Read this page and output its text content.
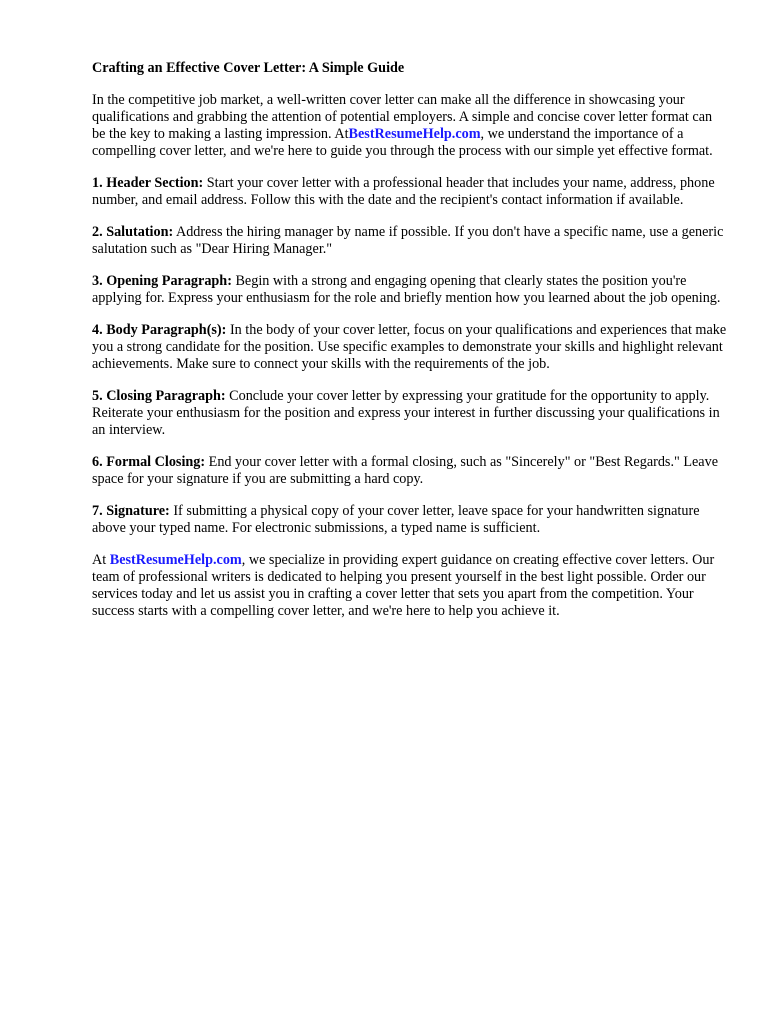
Crafting an Effective Cover Letter: A Simple Guide

In the competitive job market, a well-written cover letter can make all the difference in showcasing your qualifications and grabbing the attention of potential employers. A simple and concise cover letter format can be the key to making a lasting impression. AtBestResumeHelp.com, we understand the importance of a compelling cover letter, and we're here to guide you through the process with our simple yet effective format.

1. Header Section: Start your cover letter with a professional header that includes your name, address, phone number, and email address. Follow this with the date and the recipient's contact information if available.

2. Salutation: Address the hiring manager by name if possible. If you don't have a specific name, use a generic salutation such as "Dear Hiring Manager."

3. Opening Paragraph: Begin with a strong and engaging opening that clearly states the position you're applying for. Express your enthusiasm for the role and briefly mention how you learned about the job opening.

4. Body Paragraph(s): In the body of your cover letter, focus on your qualifications and experiences that make you a strong candidate for the position. Use specific examples to demonstrate your skills and highlight relevant achievements. Make sure to connect your skills with the requirements of the job.

5. Closing Paragraph: Conclude your cover letter by expressing your gratitude for the opportunity to apply. Reiterate your enthusiasm for the position and express your interest in further discussing your qualifications in an interview.

6. Formal Closing: End your cover letter with a formal closing, such as "Sincerely" or "Best Regards." Leave space for your signature if you are submitting a hard copy.

7. Signature: If submitting a physical copy of your cover letter, leave space for your handwritten signature above your typed name. For electronic submissions, a typed name is sufficient.

At BestResumeHelp.com, we specialize in providing expert guidance on creating effective cover letters. Our team of professional writers is dedicated to helping you present yourself in the best light possible. Order our services today and let us assist you in crafting a cover letter that sets you apart from the competition. Your success starts with a compelling cover letter, and we're here to help you achieve it.
